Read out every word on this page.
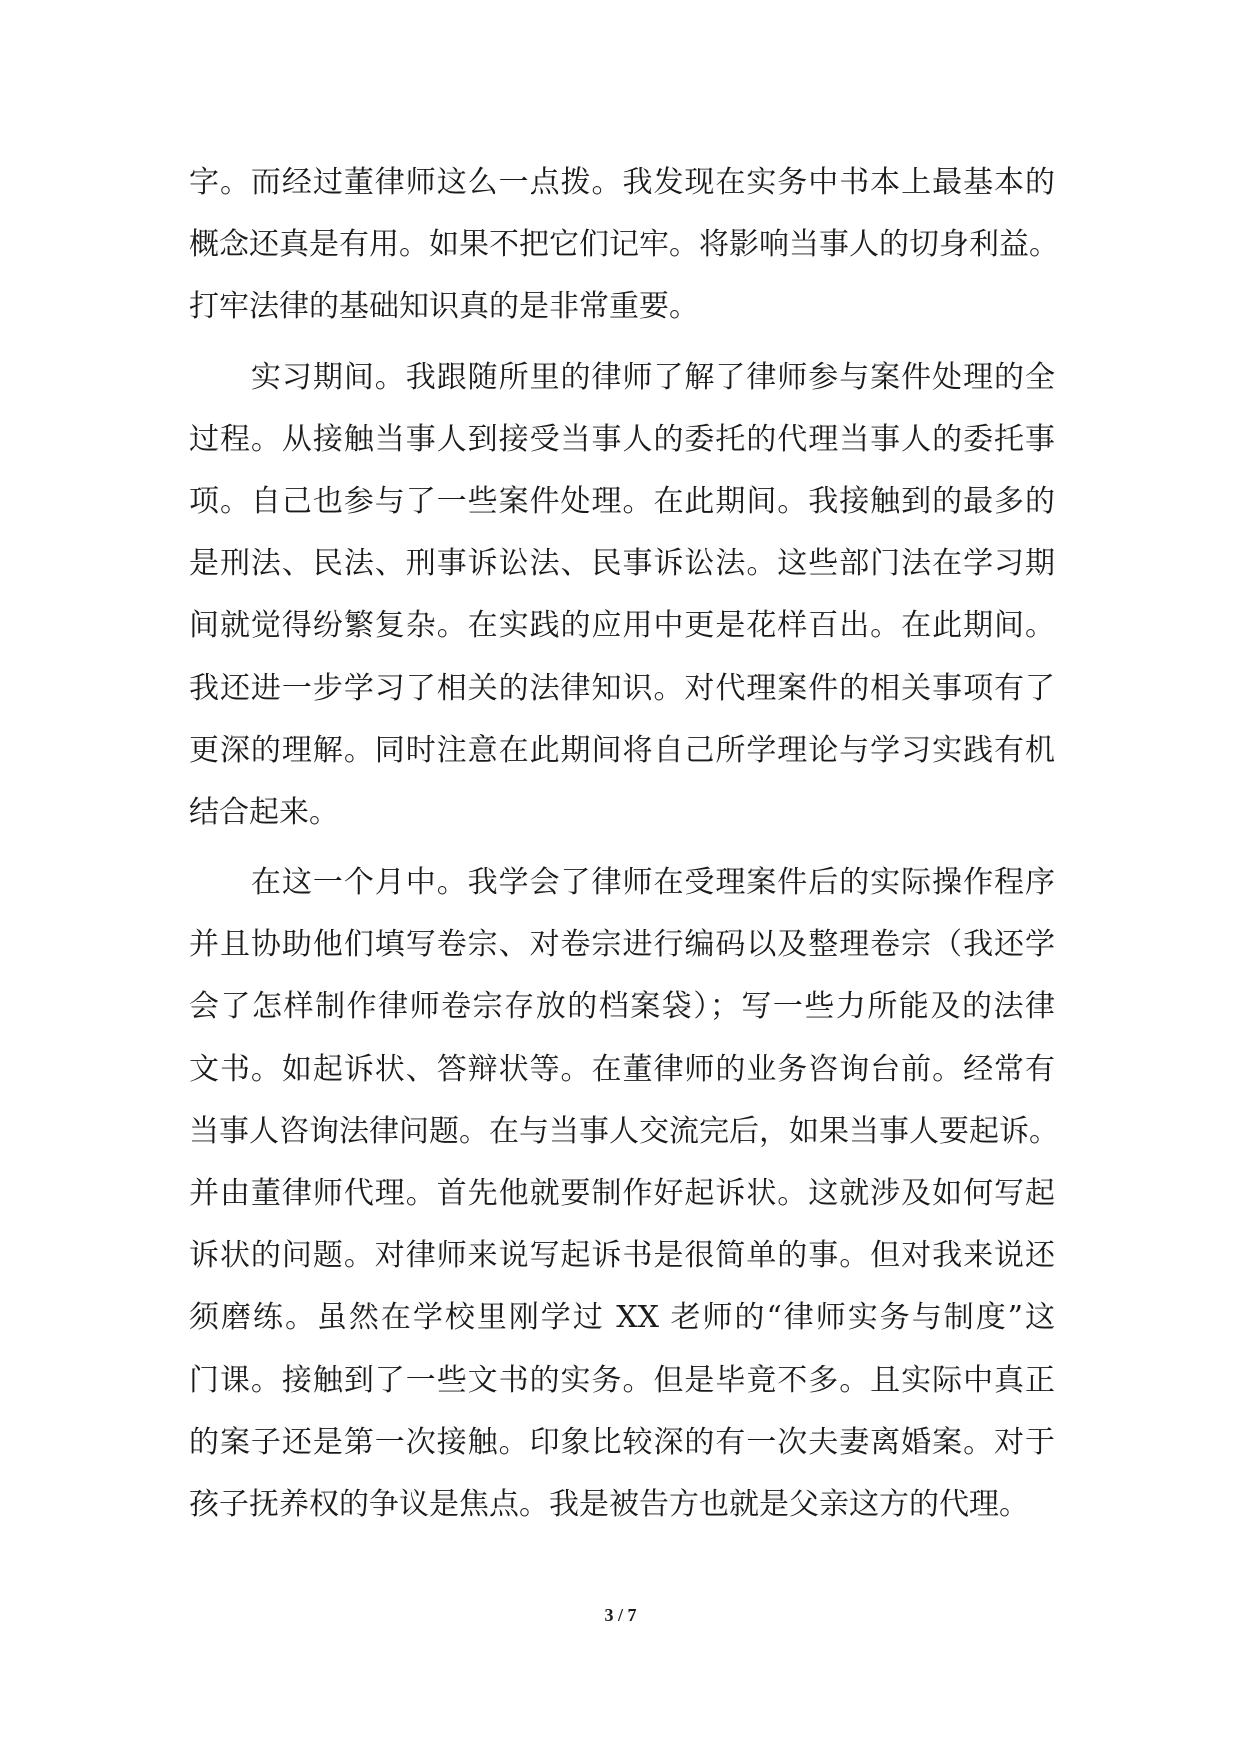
字。而经过董律师这么一点拨。我发现在实务中书本上最基本的
概念还真是有用。如果不把它们记牢。将影响当事人的切身利益。
打牢法律的基础知识真的是非常重要。
　　实习期间。我跟随所里的律师了解了律师参与案件处理的全
过程。从接触当事人到接受当事人的委托的代理当事人的委托事
项。自己也参与了一些案件处理。在此期间。我接触到的最多的
是刑法、民法、刑事诉讼法、民事诉讼法。这些部门法在学习期
间就觉得纷繁复杂。在实践的应用中更是花样百出。在此期间。
我还进一步学习了相关的法律知识。对代理案件的相关事项有了
更深的理解。同时注意在此期间将自己所学理论与学习实践有机
结合起来。
　　在这一个月中。我学会了律师在受理案件后的实际操作程序
并且协助他们填写卷宗、对卷宗进行编码以及整理卷宗（我还学
会了怎样制作律师卷宗存放的档案袋）；写一些力所能及的法律
文书。如起诉状、答辩状等。在董律师的业务咨询台前。经常有
当事人咨询法律问题。在与当事人交流完后，如果当事人要起诉。
并由董律师代理。首先他就要制作好起诉状。这就涉及如何写起
诉状的问题。对律师来说写起诉书是很简单的事。但对我来说还
须磨练。虽然在学校里刚学过 XX 老师的“律师实务与制度”这
门课。接触到了一些文书的实务。但是毕竟不多。且实际中真正
的案子还是第一次接触。印象比较深的有一次夫妻离婚案。对于
孩子抚养权的争议是焦点。我是被告方也就是父亲这方的代理。
3 / 7
